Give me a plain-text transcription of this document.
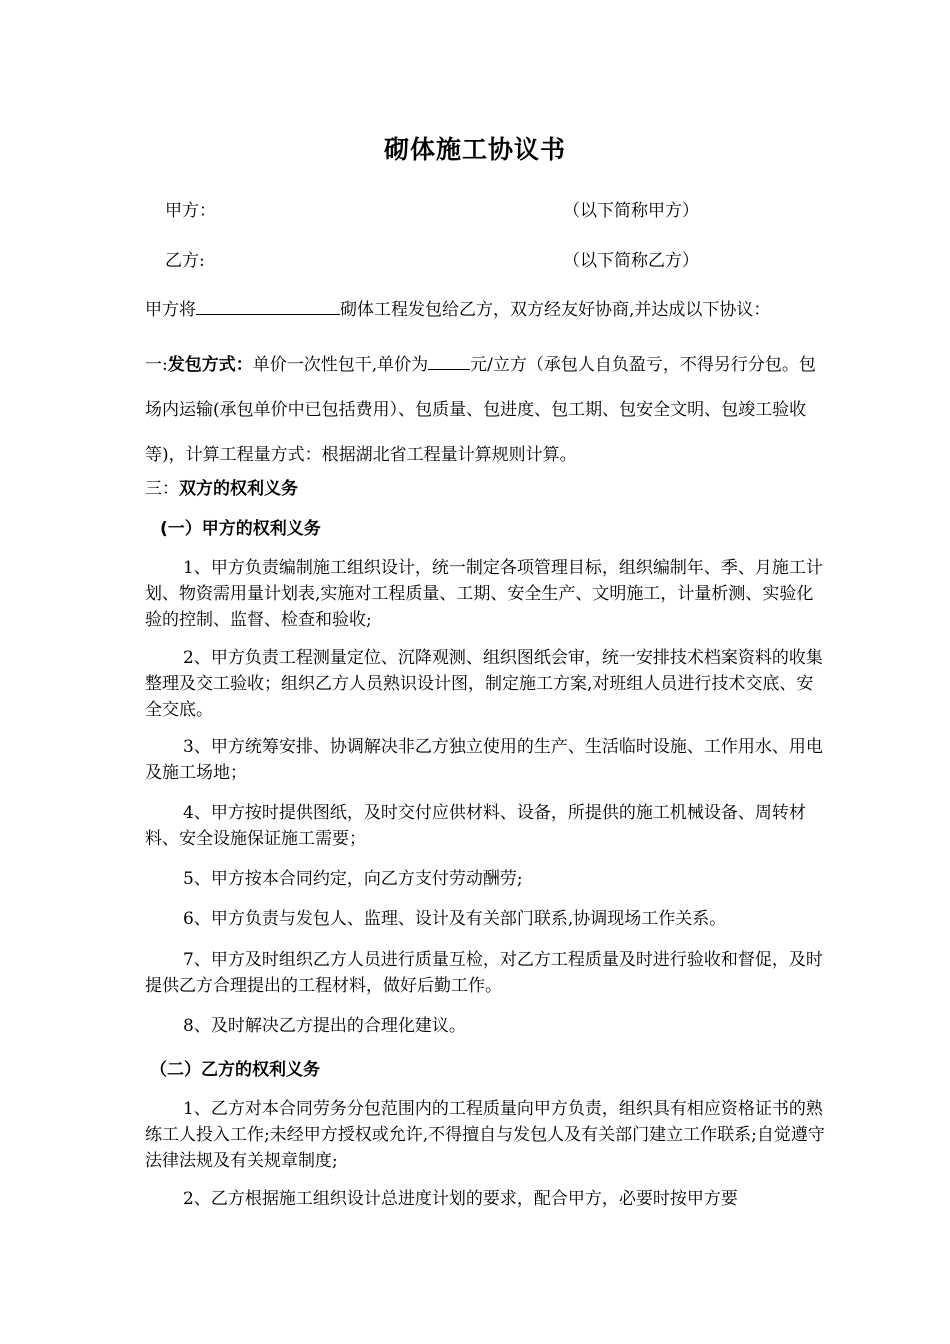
砌体施工协议书
甲方：	（以下简称甲方）
乙方:	（以下简称乙方）
甲方将	砌体工程发包给乙方，双方经友好协商,并达成以下协议：
一:发包方式：单价一次性包干,单价为 元/立方（承包人自负盈亏，不得另行分包。包场内运输(承包单价中已包括费用）、包质量、包进度、包工期、包安全文明、包竣工验收等)，计算工程量方式：根据湖北省工程量计算规则计算。
三：双方的权利义务
(一）甲方的权利义务
1、甲方负责编制施工组织设计，统一制定各项管理目标，组织编制年、季、月施工计划、物资需用量计划表,实施对工程质量、工期、安全生产、文明施工，计量析测、实验化验的控制、监督、检查和验收;
2、甲方负责工程测量定位、沉降观测、组织图纸会审，统一安排技术档案资料的收集整理及交工验收；组织乙方人员熟识设计图，制定施工方案,对班组人员进行技术交底、安全交底。
3、甲方统筹安排、协调解决非乙方独立使用的生产、生活临时设施、工作用水、用电及施工场地；
4、甲方按时提供图纸，及时交付应供材料、设备，所提供的施工机械设备、周转材料、安全设施保证施工需要；
5、甲方按本合同约定，向乙方支付劳动酬劳;
6、甲方负责与发包人、监理、设计及有关部门联系,协调现场工作关系。
7、甲方及时组织乙方人员进行质量互检，对乙方工程质量及时进行验收和督促，及时提供乙方合理提出的工程材料，做好后勤工作。
8、及时解决乙方提出的合理化建议。
（二）乙方的权利义务
1、乙方对本合同劳务分包范围内的工程质量向甲方负责，组织具有相应资格证书的熟练工人投入工作;未经甲方授权或允许,不得擅自与发包人及有关部门建立工作联系;自觉遵守法律法规及有关规章制度;
2、乙方根据施工组织设计总进度计划的要求，配合甲方，必要时按甲方要
